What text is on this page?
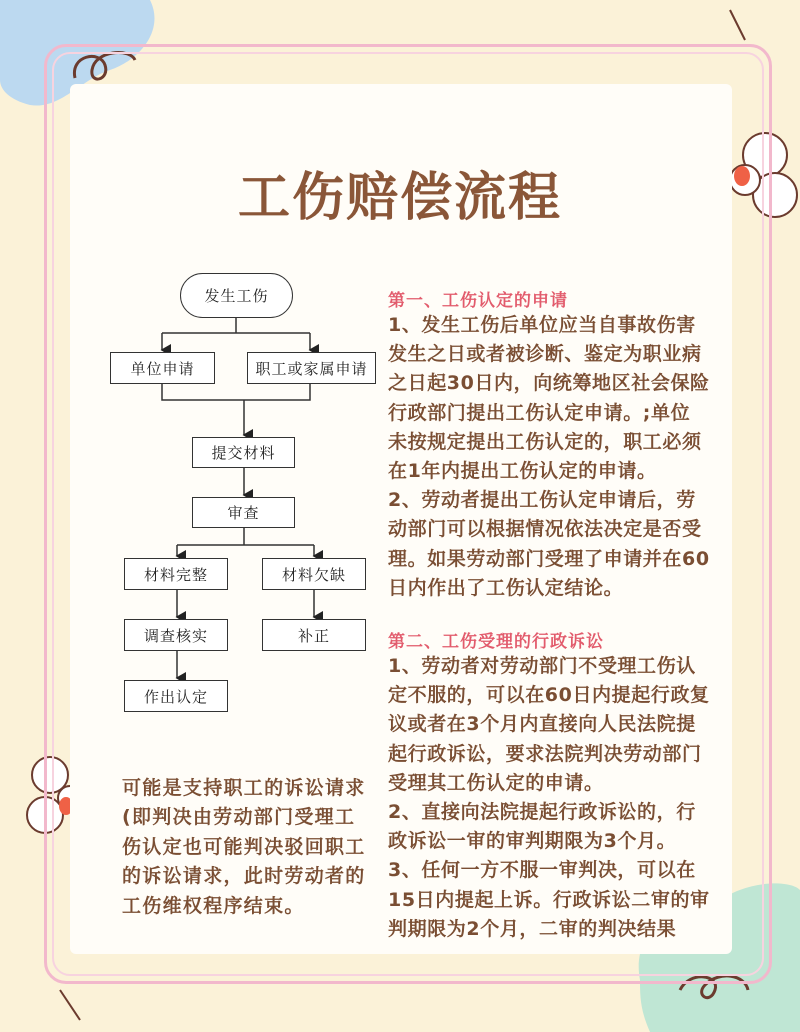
工伤赔偿流程
发生工伤
单位申请	职工或家属申请
提交材料
审查
材料完整	材料欠缺
调查核实	补正
作出认定
第一、工伤认定的申请
1、发生工伤后单位应当自事故伤害
发生之日或者被诊断、鉴定为职业病
之日起30日内，向统筹地区社会保险
行政部门提出工伤认定申请。;单位
未按规定提出工伤认定的，职工必须
在1年内提出工伤认定的申请。
2、劳动者提出工伤认定申请后，劳
动部门可以根据情况依法决定是否受
理。如果劳动部门受理了申请并在60
日内作出了工伤认定结论。
第二、工伤受理的行政诉讼
1、劳动者对劳动部门不受理工伤认
定不服的，可以在60日内提起行政复
议或者在3个月内直接向人民法院提
起行政诉讼，要求法院判决劳动部门
受理其工伤认定的申请。
2、直接向法院提起行政诉讼的，行
政诉讼一审的审判期限为3个月。
3、任何一方不服一审判决，可以在
15日内提起上诉。行政诉讼二审的审
判期限为2个月，二审的判决结果
可能是支持职工的诉讼请求
(即判决由劳动部门受理工
伤认定也可能判决驳回职工
的诉讼请求，此时劳动者的
工伤维权程序结束。
